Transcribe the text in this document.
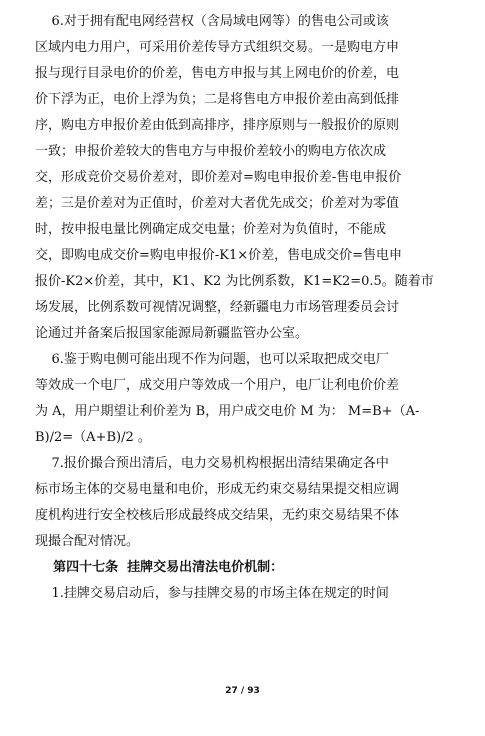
6.对于拥有配电网经营权（含局域电网等）的售电公司或该
区域内电力用户，可采用价差传导方式组织交易。一是购电方申
报与现行目录电价的价差，售电方申报与其上网电价的价差，电
价下浮为正，电价上浮为负；二是将售电方申报价差由高到低排
序，购电方申报价差由低到高排序，排序原则与一般报价的原则
一致；申报价差较大的售电方与申报价差较小的购电方依次成
交，形成竞价交易价差对，即价差对=购电申报价差-售电申报价
差；三是价差对为正值时，价差对大者优先成交；价差对为零值
时，按申报电量比例确定成交电量；价差对为负值时，不能成
交，即购电成交价=购电申报价-K1×价差，售电成交价=售电申
报价-K2×价差，其中，K1、K2 为比例系数，K1=K2=0.5。随着市
场发展，比例系数可视情况调整，经新疆电力市场管理委员会讨
论通过并备案后报国家能源局新疆监管办公室。
6.鉴于购电侧可能出现不作为问题，也可以采取把成交电厂
等效成一个电厂，成交用户等效成一个用户，电厂让利电价价差
为 A，用户期望让利价差为 B，用户成交电价 M 为： M=B+（A-
B)/2=（A+B)/2 。
7.报价撮合预出清后，电力交易机构根据出清结果确定各中
标市场主体的交易电量和电价，形成无约束交易结果提交相应调
度机构进行安全校核后形成最终成交结果，无约束交易结果不体
现撮合配对情况。
第四十七条  挂牌交易出清法电价机制：
1.挂牌交易启动后，参与挂牌交易的市场主体在规定的时间
27 / 93
